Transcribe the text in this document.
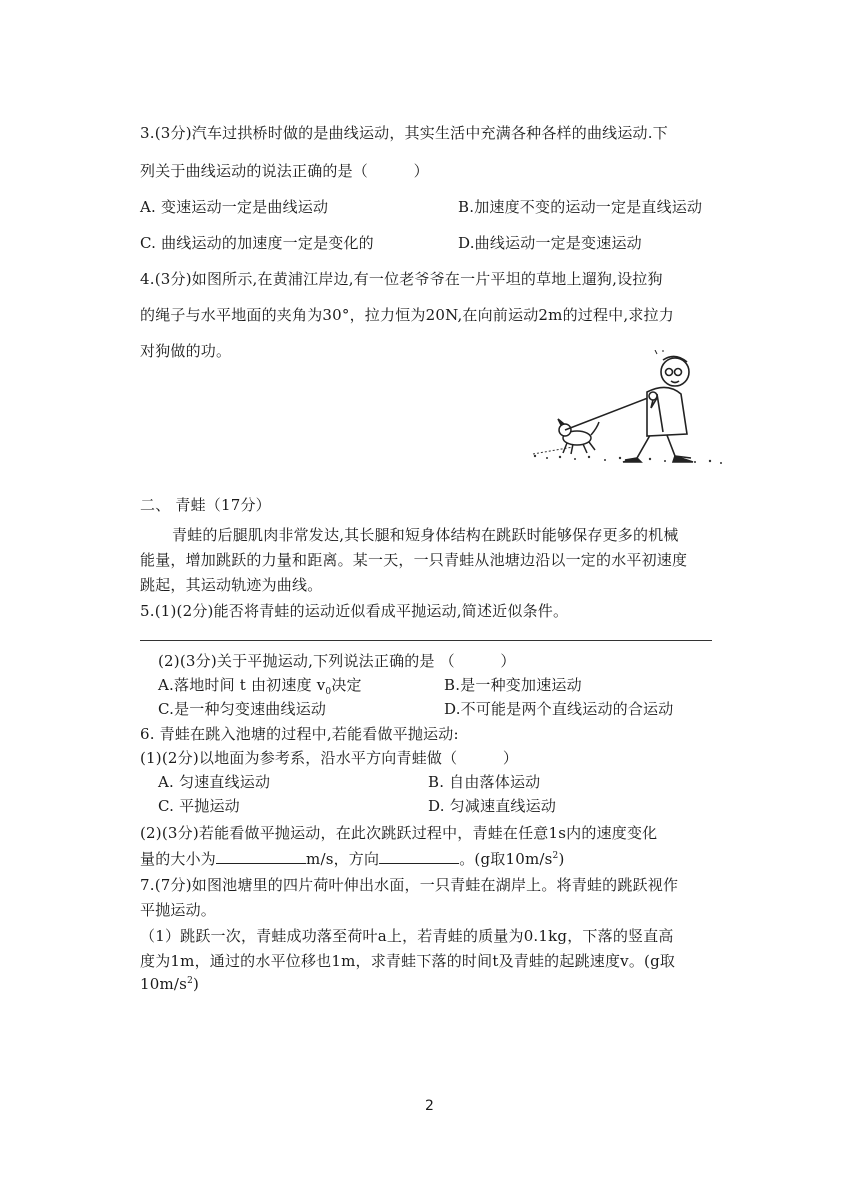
3.(3分)汽车过拱桥时做的是曲线运动，其实生活中充满各种各样的曲线运动.下
列关于曲线运动的说法正确的是（　　　）
A. 变速运动一定是曲线运动	B.加速度不变的运动一定是直线运动
C. 曲线运动的加速度一定是变化的	D.曲线运动一定是变速运动
4.(3分)如图所示,在黄浦江岸边,有一位老爷爷在一片平坦的草地上遛狗,设拉狗
的绳子与水平地面的夹角为30°，拉力恒为20N,在向前运动2m的过程中,求拉力
对狗做的功。
二、 青蛙（17分）
青蛙的后腿肌肉非常发达,其长腿和短身体结构在跳跃时能够保存更多的机械
能量，增加跳跃的力量和距离。某一天，一只青蛙从池塘边沿以一定的水平初速度
跳起，其运动轨迹为曲线。
5.(1)(2分)能否将青蛙的运动近似看成平抛运动,简述近似条件。
(2)(3分)关于平抛运动,下列说法正确的是 （　　　）
A.落地时间 t 由初速度 $v_0$决定	B.是一种变加速运动
C.是一种匀变速曲线运动	D.不可能是两个直线运动的合运动
6. 青蛙在跳入池塘的过程中,若能看做平抛运动:
(1)(2分)以地面为参考系，沿水平方向青蛙做（　　　）
A. 匀速直线运动	B. 自由落体运动
C. 平抛运动	D. 匀减速直线运动
(2)(3分)若能看做平抛运动，在此次跳跃过程中，青蛙在任意1s内的速度变化
量的大小为	m/s，方向	。(g取$10m/s^2$)
7.(7分)如图池塘里的四片荷叶伸出水面，一只青蛙在湖岸上。将青蛙的跳跃视作
平抛运动。
（1）跳跃一次，青蛙成功落至荷叶a上，若青蛙的质量为0.1kg，下落的竖直高
度为1m，通过的水平位移也1m，求青蛙下落的时间t及青蛙的起跳速度v。(g取
$10m/s^2$)
2
